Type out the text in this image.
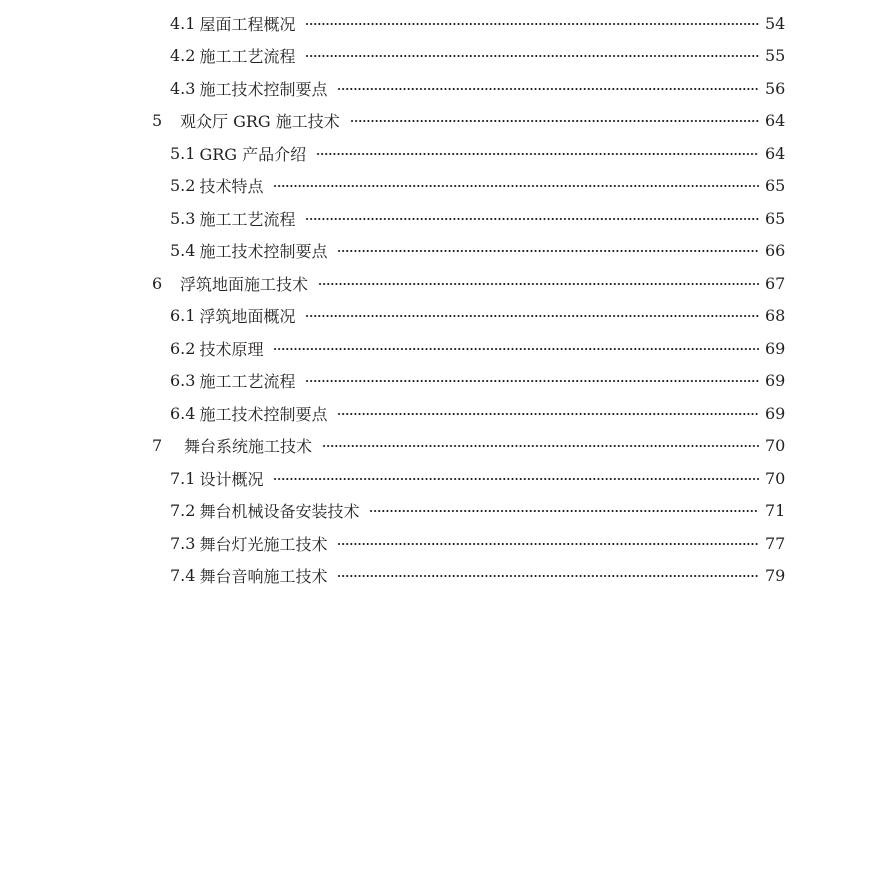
4.1 屋面工程概况	54
4.2 施工工艺流程	55
4.3 施工技术控制要点	56
5	观众厅 GRG 施工技术	64
5.1 GRG 产品介绍	64
5.2 技术特点	65
5.3 施工工艺流程	65
5.4 施工技术控制要点	66
6	浮筑地面施工技术	67
6.1 浮筑地面概况	68
6.2 技术原理	69
6.3 施工工艺流程	69
6.4 施工技术控制要点	69
7	舞台系统施工技术	70
7.1 设计概况	70
7.2 舞台机械设备安装技术	71
7.3 舞台灯光施工技术	77
7.4 舞台音响施工技术	79
